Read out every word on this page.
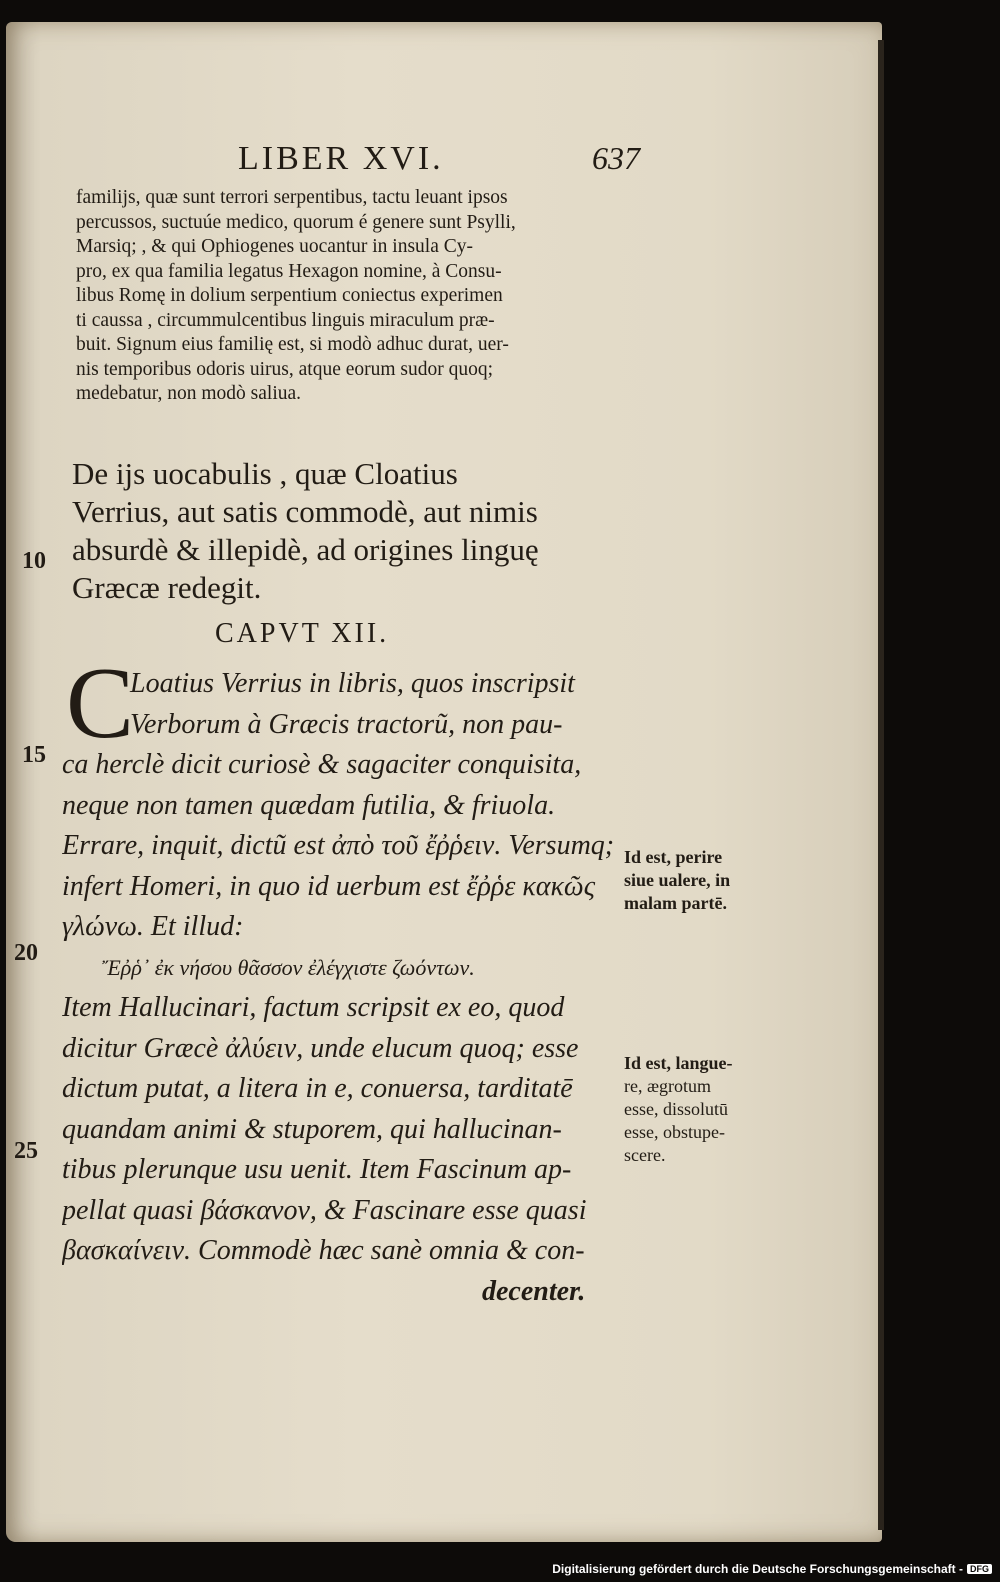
LIBER XVI.	637
familijs, quæ sunt terrori serpentibus, tactu leuant ipsos
percussos, suctuúe medico, quorum é genere sunt Psylli,
Marsiq; , & qui Ophiogenes uocantur in insula Cy-
pro, ex qua familia legatus Hexagon nomine, à Consu-
libus Romę in dolium serpentium coniectus experimen
ti caussa , circummulcentibus linguis miraculum præ-
buit. Signum eius familię est, si modò adhuc durat, uer-
nis temporibus odoris uirus, atque eorum sudor quoq;
medebatur, non modò saliua.
De ijs uocabulis , quæ Cloatius
Verrius, aut satis commodè, aut nimis
absurdè & illepidè, ad origines linguę
Græcæ redegit.
CAPVT XII.
C
Loatius Verrius in libris, quos inscripsit
Verborum à Græcis tractorũ, non pau-
ca herclè dicit curiosè & sagaciter conquisita,
neque non tamen quædam futilia, & friuola.
Errare, inquit, dictũ est ἀπὸ τοῦ ἔῤῥειν. Versumq;
infert Homeri, in quo id uerbum est ἔῤῥε κακῶς
γλώνω. Et illud:
Ἔῤῥ᾽ ἐκ νήσου θᾶσσον ἐλέγχιστε ζωόντων.
Item Hallucinari, factum scripsit ex eo, quod
dicitur Græcè ἀλύειν, unde elucum quoq; esse
dictum putat, a litera in e, conuersa, tarditatē
quandam animi & stuporem, qui hallucinan-
tibus plerunque usu uenit. Item Fascinum ap-
pellat quasi βάσκανον, & Fascinare esse quasi
βασκαίνειν. Commodè hæc sanè omnia & con-
decenter.
10
15
20
25
Id est, perire
siue ualere, in
malam partē.
Id est, langue-
re, ægrotum
esse, dissolutū
esse, obstupe-
scere.
Digitalisierung gefördert durch die Deutsche Forschungsgemeinschaft - DFG
